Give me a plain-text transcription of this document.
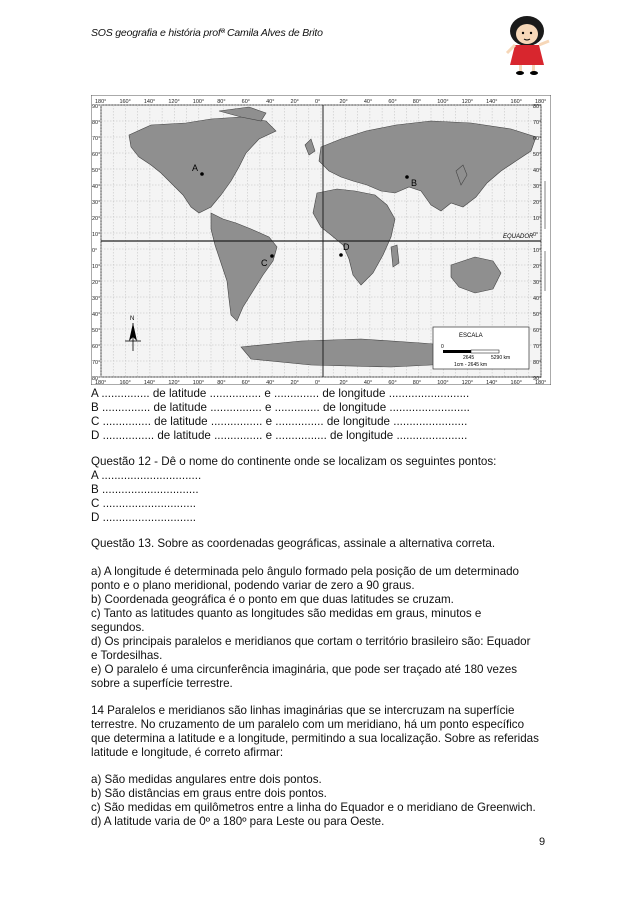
SOS geografia e história profª Camila Alves de Brito
EQUADOR
180° 160° 140° 120° 100° 80°	60°	40°	20°	0°	20°	40°	60°	80°	100° 120° 140° 160° 180°
180° 160° 140° 120° 100° 80°	60°	40°	20°	0°	20°	40°	60°	80°	100° 120° 140° 160° 180°
90°
80°
70°
60°
50°
40°
30°
20°
10°
0°
10°
20°
30°
40°
50°
60°
70°
80°
80°
70°
60°
50°
40°
30°
20°
10°
0°
10°
20°
30°
40°
50°
60°
70°
80°
90°
A
B
C
D
N
ESCALA
0
2645	5290 km
1cm - 2645 km
A ............... de latitude ................ e .............. de longitude .........................
B ............... de latitude ................ e .............. de longitude .........................
C ............... de latitude ................ e ............... de longitude .......................
D ................ de latitude ............... e ................ de longitude ......................
Questão 12 - Dê o nome do continente onde se localizam os seguintes pontos:
A ...............................
B ..............................
C .............................
D .............................
Questão 13. Sobre as coordenadas geográficas, assinale a alternativa correta.
a) A longitude é determinada pelo ângulo formado pela posição de um determinado
ponto e o plano meridional, podendo variar de zero a 90 graus.
b) Coordenada geográfica é o ponto em que duas latitudes se cruzam.
c) Tanto as latitudes quanto as longitudes são medidas em graus, minutos e
segundos.
d) Os principais paralelos e meridianos que cortam o território brasileiro são: Equador
e Tordesilhas.
e) O paralelo é uma circunferência imaginária, que pode ser traçado até 180 vezes
sobre a superfície terrestre.
14 Paralelos e meridianos são linhas imaginárias que se intercruzam na superfície
terrestre. No cruzamento de um paralelo com um meridiano, há um ponto específico
que determina a latitude e a longitude, permitindo a sua localização. Sobre as referidas
latitude e longitude, é correto afirmar:
a) São medidas angulares entre dois pontos.
b) São distâncias em graus entre dois pontos.
c) São medidas em quilômetros entre a linha do Equador e o meridiano de Greenwich.
d) A latitude varia de 0º a 180º para Leste ou para Oeste.
9
